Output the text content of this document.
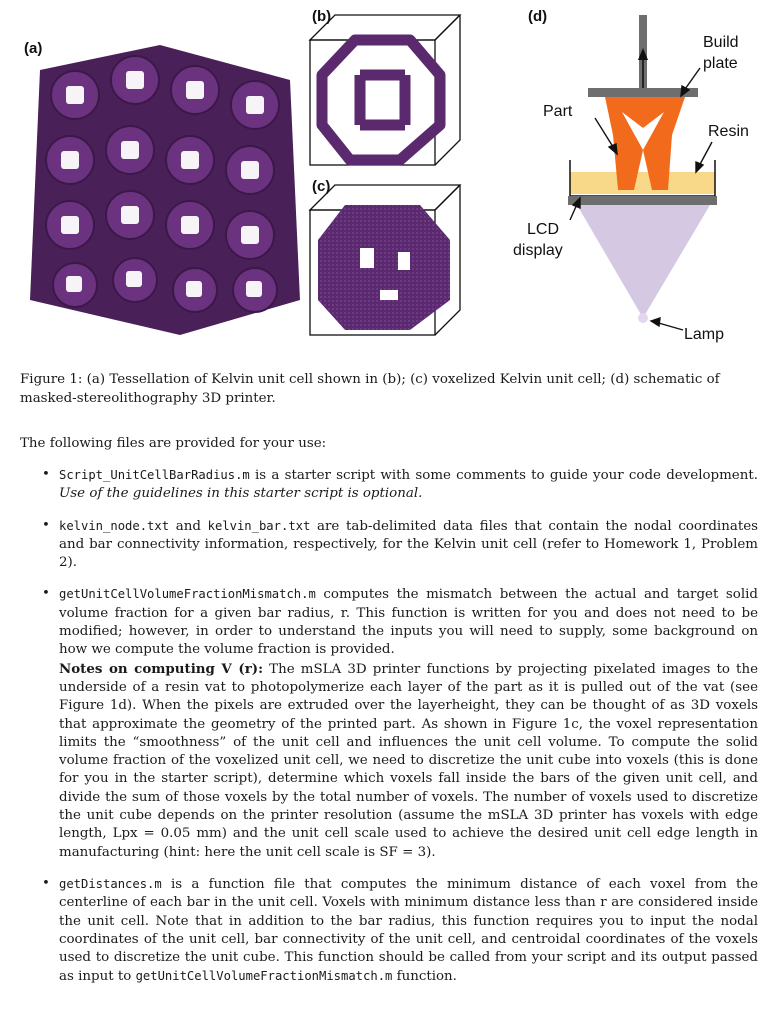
(a)
(b)
(c)
(d)
Build
plate
Part
Resin
LCD
display
Lamp
Figure 1: (a) Tessellation of Kelvin unit cell shown in (b); (c) voxelized Kelvin unit cell; (d) schematic of masked-stereolithography 3D printer.
The following files are provided for your use:
• Script_UnitCellBarRadius.m is a starter script with some comments to guide your code development. Use of the guidelines in this starter script is optional.
• kelvin_node.txt and kelvin_bar.txt are tab-delimited data files that contain the nodal coordinates and bar connectivity information, respectively, for the Kelvin unit cell (refer to Homework 1, Problem 2).
• getUnitCellVolumeFractionMismatch.m computes the mismatch between the actual and target solid volume fraction for a given bar radius, r. This function is written for you and does not need to be modified; however, in order to understand the inputs you will need to supply, some background on how we compute the volume fraction is provided.
Notes on computing V (r): The mSLA 3D printer functions by projecting pixelated images to the underside of a resin vat to photopolymerize each layer of the part as it is pulled out of the vat (see Figure 1d). When the pixels are extruded over the layerheight, they can be thought of as 3D voxels that approximate the geometry of the printed part. As shown in Figure 1c, the voxel representation limits the “smoothness” of the unit cell and influences the unit cell volume. To compute the solid volume fraction of the voxelized unit cell, we need to discretize the unit cube into voxels (this is done for you in the starter script), determine which voxels fall inside the bars of the given unit cell, and divide the sum of those voxels by the total number of voxels. The number of voxels used to discretize the unit cube depends on the printer resolution (assume the mSLA 3D printer has voxels with edge length, Lpx = 0.05 mm) and the unit cell scale used to achieve the desired unit cell edge length in manufacturing (hint: here the unit cell scale is SF = 3).
• getDistances.m is a function file that computes the minimum distance of each voxel from the centerline of each bar in the unit cell. Voxels with minimum distance less than r are considered inside the unit cell. Note that in addition to the bar radius, this function requires you to input the nodal coordinates of the unit cell, bar connectivity of the unit cell, and centroidal coordinates of the voxels used to discretize the unit cube. This function should be called from your script and its output passed as input to getUnitCellVolumeFractionMismatch.m function.
